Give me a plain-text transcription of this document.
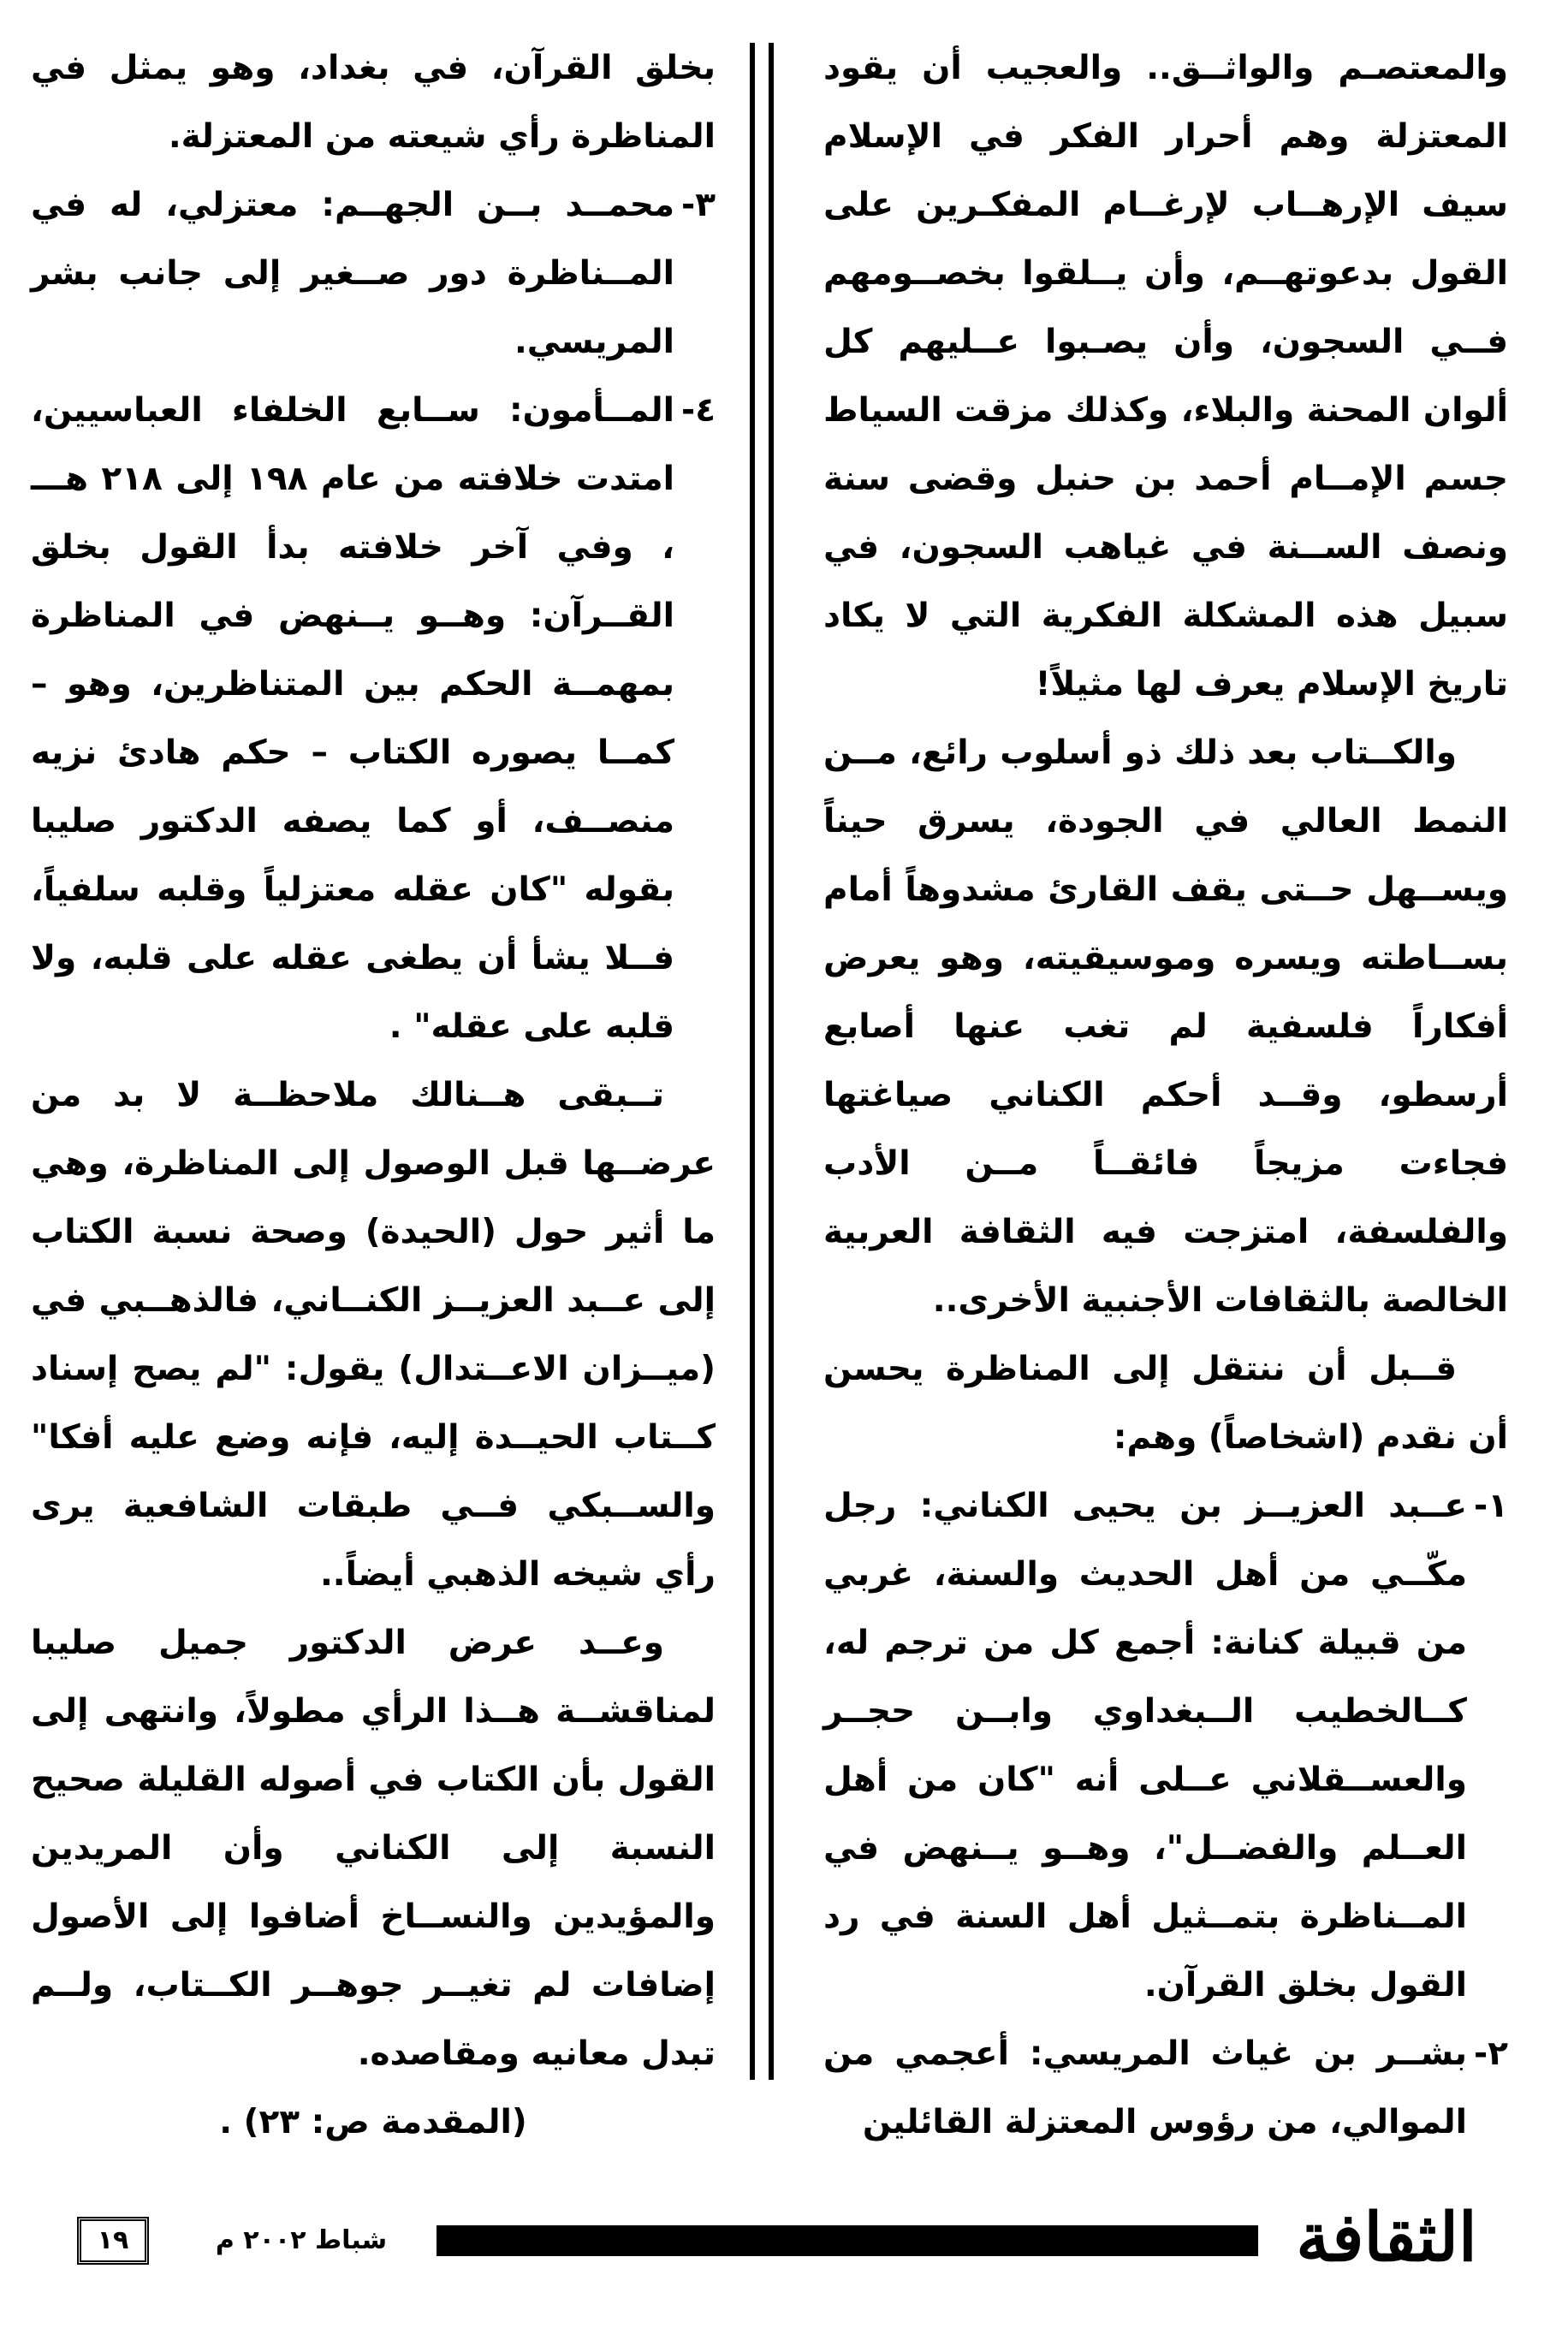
والمعتصـم والواثــق.. والعجيب أن يقود المعتزلة وهم أحرار الفكر في الإسلام سيف الإرهــاب لإرغــام المفكـرين على القول بدعوتهــم، وأن يــلقوا بخصــومهم فــي السجون، وأن يصـبوا عــليهم كل ألوان المحنة والبلاء، وكذلك مزقت السياط جسم الإمــام أحمد بن حنبل وقضى سنة ونصف الســنة في غياهب السجون، في سبيل هذه المشكلة الفكرية التي لا يكاد تاريخ الإسلام يعرف لها مثيلاً!

والكــتاب بعد ذلك ذو أسلوب رائع، مــن النمط العالي في الجودة، يسرق حيناً ويســهل حــتى يقف القارئ مشدوهاً أمام بســاطته ويسره وموسيقيته، وهو يعرض أفكاراً فلسفية لم تغب عنها أصابع أرسطو، وقــد أحكم الكناني صياغتها فجاءت مزيجاً فائقــاً مــن الأدب والفلسفة، امتزجت فيه الثقافة العربية الخالصة بالثقافات الأجنبية الأخرى..

قــبل أن ننتقل إلى المناظرة يحسن أن نقدم (اشخاصاً) وهم:

١-

عــبد العزيــز بن يحيى الكناني: رجل مكّــي من أهل الحديث والسنة، غربي من قبيلة كنانة: أجمع كل من ترجم له، كــالخطيب الــبغداوي وابــن حجــر والعســقلاني عــلى أنه "كان من أهل العــلم والفضــل"، وهــو يــنهض في المــناظرة بتمــثيل أهل السنة في رد القول بخلق القرآن.

٢-

بشــر بن غياث المريسي: أعجمي من الموالي، من رؤوس المعتزلة القائلين

بخلق القرآن، في بغداد، وهو يمثل في المناظرة رأي شيعته من المعتزلة.

٣-

محمــد بــن الجهــم: معتزلي، له في المــناظرة دور صــغير إلى جانب بشر المريسي.

٤-

المــأمون: ســابع الخلفاء العباسيين، امتدت خلافته من عام ١٩٨ إلى ٢١٨ هـــ ، وفي آخر خلافته بدأ القول بخلق القــرآن: وهــو يــنهض في المناظرة بمهمــة الحكم بين المتناظرين، وهو – كمــا يصوره الكتاب – حكم هادئ نزيه منصــف، أو كما يصفه الدكتور صليبا بقوله "كان عقله معتزلياً وقلبه سلفياً، فــلا يشأ أن يطغى عقله على قلبه، ولا قلبه على عقله" .

تــبقى هــنالك ملاحظــة لا بد من عرضــها قبل الوصول إلى المناظرة، وهي ما أثير حول (الحيدة) وصحة نسبة الكتاب إلى عــبد العزيــز الكنــاني، فالذهــبي في (ميــزان الاعــتدال) يقول: "لم يصح إسناد كــتاب الحيــدة إليه، فإنه وضع عليه أفكا" والســبكي فــي طبقات الشافعية يرى رأي شيخه الذهبي أيضاً..

وعــد عرض الدكتور جميل صليبا لمناقشــة هــذا الرأي مطولاً، وانتهى إلى القول بأن الكتاب في أصوله القليلة صحيح النسبة إلى الكناني وأن المريدين والمؤيدين والنســاخ أضافوا إلى الأصول إضافات لم تغيــر جوهــر الكــتاب، ولــم تبدل معانيه ومقاصده.

(المقدمة ص: ٢٣) .

١٩	شباط ٢٠٠٢ م	الثقافة
